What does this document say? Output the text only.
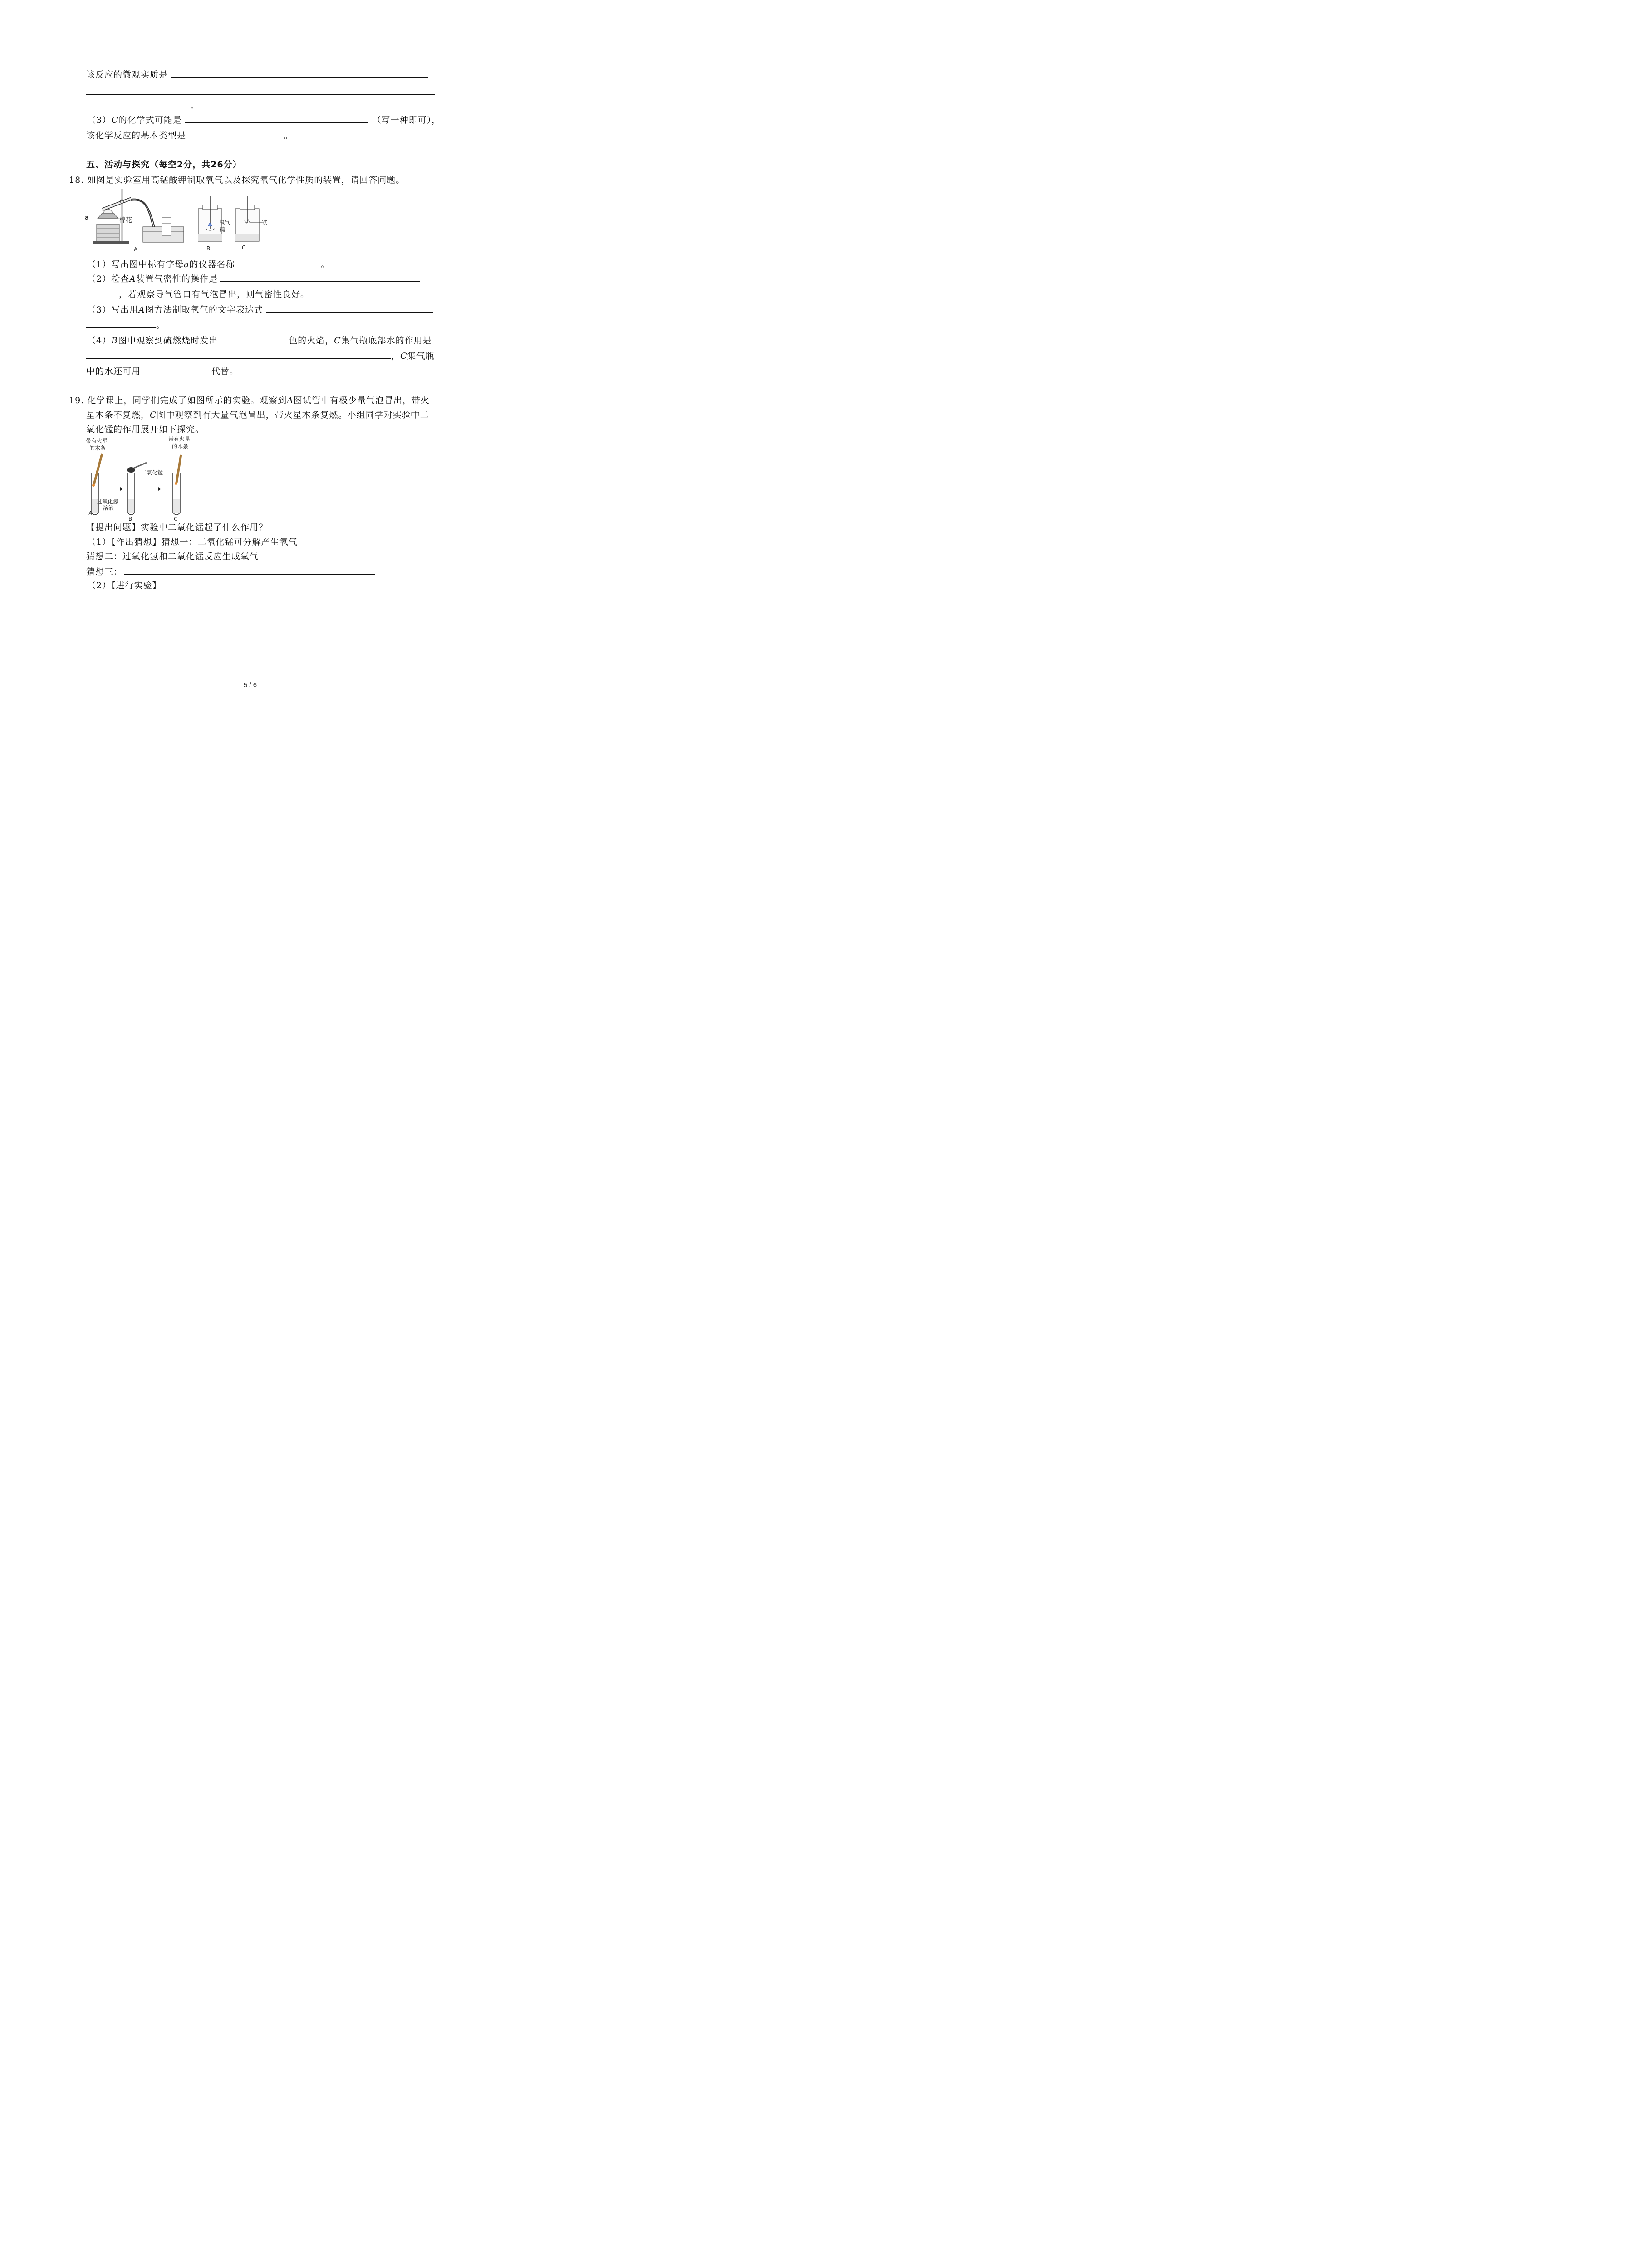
该反应的微观实质是
。
（3）C的化学式可能是	（写一种即可），
该化学反应的基本类型是	。
五、活动与探究（每空2分，共26分）
18. 如图是实验室用高锰酸钾制取氧气以及探究氧气化学性质的装置，请回答问题。
a	棉花
A
氧气
硫
B
铁
C
（1）写出图中标有字母a的仪器名称	。
（2）检查A装置气密性的操作是
，若观察导气管口有气泡冒出，则气密性良好。
（3）写出用A图方法制取氧气的文字表达式
。
（4）B图中观察到硫燃烧时发出	色的火焰，C集气瓶底部水的作用是
，C集气瓶
中的水还可用	代替。
19. 化学课上，同学们完成了如图所示的实验。观察到A图试管中有极少量气泡冒出，带火
星木条不复燃，C图中观察到有大量气泡冒出，带火星木条复燃。小组同学对实验中二
氧化锰的作用展开如下探究。
带有火星
的木条
带有火星
的木条
A
过氧化氢
溶液
B
二氧化锰
C
【提出问题】实验中二氧化锰起了什么作用？
（1）【作出猜想】猜想一：二氧化锰可分解产生氧气
猜想二：过氧化氢和二氧化锰反应生成氧气
猜想三：
（2）【进行实验】
5 / 6
